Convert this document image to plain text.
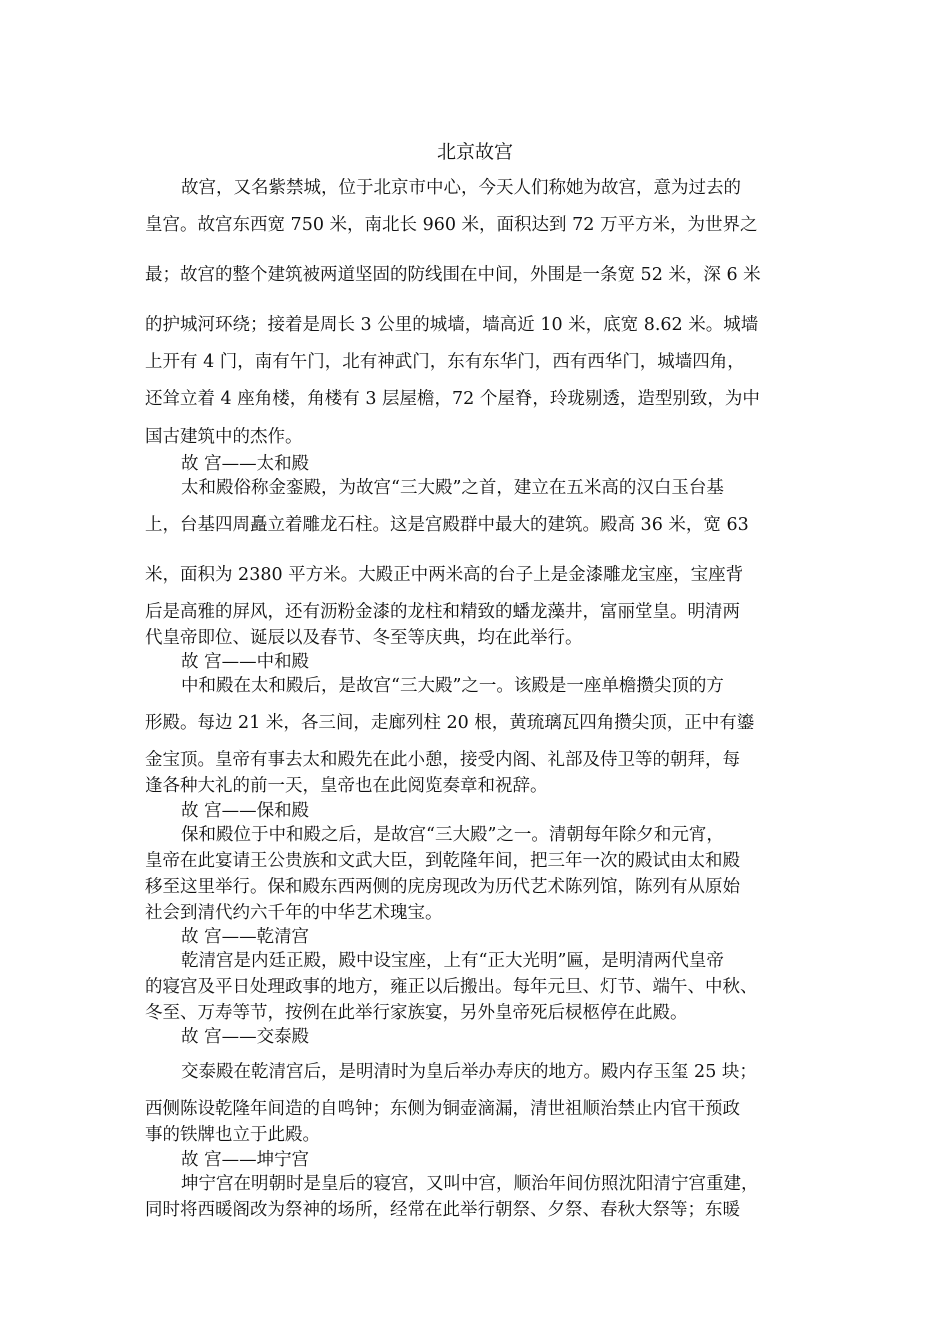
北京故宫
故宫，又名紫禁城，位于北京市中心，今天人们称她为故宫，意为过去的
皇宫。故宫东西宽 750 米，南北长 960 米，面积达到 72 万平方米，为世界之
最；故宫的整个建筑被两道坚固的防线围在中间，外围是一条宽 52 米，深 6 米
的护城河环绕；接着是周长 3 公里的城墙，墙高近 10 米，底宽 8.62 米。城墙
上开有 4 门，南有午门，北有神武门，东有东华门，西有西华门，城墙四角，
还耸立着 4 座角楼，角楼有 3 层屋檐，72 个屋脊，玲珑剔透，造型别致，为中
国古建筑中的杰作。
故 宫——太和殿
太和殿俗称金銮殿，为故宫“三大殿”之首，建立在五米高的汉白玉台基
上，台基四周矗立着雕龙石柱。这是宫殿群中最大的建筑。殿高 36 米，宽 63
米，面积为 2380 平方米。大殿正中两米高的台子上是金漆雕龙宝座，宝座背
后是高雅的屏风，还有沥粉金漆的龙柱和精致的蟠龙藻井，富丽堂皇。明清两
代皇帝即位、诞辰以及春节、冬至等庆典，均在此举行。
故 宫——中和殿
中和殿在太和殿后，是故宫“三大殿”之一。该殿是一座单檐攒尖顶的方
形殿。每边 21 米，各三间，走廊列柱 20 根，黄琉璃瓦四角攒尖顶，正中有鎏
金宝顶。皇帝有事去太和殿先在此小憩，接受内阁、礼部及侍卫等的朝拜，每
逢各种大礼的前一天，皇帝也在此阅览奏章和祝辞。
故 宫——保和殿
保和殿位于中和殿之后，是故宫“三大殿”之一。清朝每年除夕和元宵，
皇帝在此宴请王公贵族和文武大臣，到乾隆年间，把三年一次的殿试由太和殿
移至这里举行。保和殿东西两侧的庑房现改为历代艺术陈列馆，陈列有从原始
社会到清代约六千年的中华艺术瑰宝。
故 宫——乾清宫
乾清宫是内廷正殿，殿中设宝座，上有“正大光明”匾，是明清两代皇帝
的寝宫及平日处理政事的地方，雍正以后搬出。每年元旦、灯节、端午、中秋、
冬至、万寿等节，按例在此举行家族宴，另外皇帝死后棂柩停在此殿。
故 宫——交泰殿
交泰殿在乾清宫后，是明清时为皇后举办寿庆的地方。殿内存玉玺 25 块；
西侧陈设乾隆年间造的自鸣钟；东侧为铜壶滴漏，清世祖顺治禁止内官干预政
事的铁牌也立于此殿。
故 宫——坤宁宫
坤宁宫在明朝时是皇后的寝宫，又叫中宫，顺治年间仿照沈阳清宁宫重建，
同时将西暖阁改为祭神的场所，经常在此举行朝祭、夕祭、春秋大祭等；东暖
